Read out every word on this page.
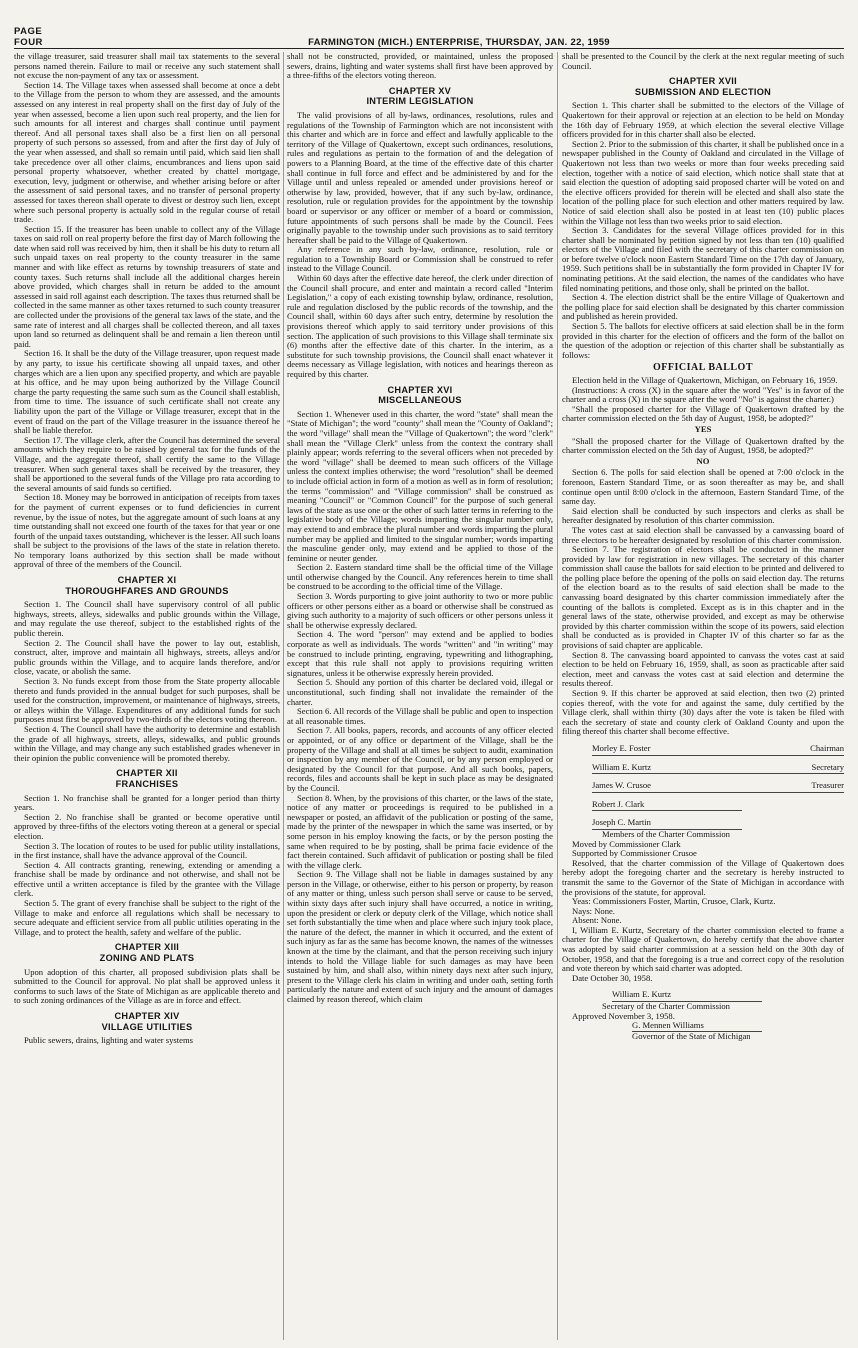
PAGE FOUR	FARMINGTON (MICH.) ENTERPRISE, THURSDAY, JAN. 22, 1959

the village treasurer, said treasurer shall mail tax statements to the several persons named therein. Failure to mail or receive any such statement shall not excuse the non-payment of any tax or assessment.

Section 14. The Village taxes when assessed shall become at once a debt to the Village from the person to whom they are assessed, and the amounts assessed on any interest in real property shall on the first day of July of the year when assessed, become a lien upon such real property, and the lien for such amounts for all interest and charges shall continue until payment thereof. And all personal taxes shall also be a first lien on all personal property of such persons so assessed, from and after the first day of July of the year when assessed, and shall so remain until paid, which said lien shall take precedence over all other claims, encumbrances and liens upon said personal property whatsoever, whether created by chattel mortgage, execution, levy, judgment or otherwise, and whether arising before or after the assessment of said personal taxes, and no transfer of personal property assessed for taxes thereon shall operate to divest or destroy such lien, except where such personal property is actually sold in the regular course of retail trade.

Section 15. If the treasurer has been unable to collect any of the Village taxes on said roll on real property before the first day of March following the date when said roll was received by him, then it shall be his duty to return all such unpaid taxes on real property to the county treasurer in the same manner and with like effect as returns by township treasurers of state and county taxes. Such returns shall include all the additional charges herein above provided, which charges shall in return be added to the amount assessed in said roll against each description. The taxes thus returned shall be collected in the same manner as other taxes returned to such county treasurer are collected under the provisions of the general tax laws of the state, and the same rate of interest and all charges shall be collected thereon, and all taxes upon land so returned as delinquent shall be and remain a lien thereon until paid.

Section 16. It shall be the duty of the Village treasurer, upon request made by any party, to issue his certificate showing all unpaid taxes, and other charges which are a lien upon any specified property, and which are payable at his office, and he may upon being authorized by the Village Council charge the party requesting the same such sum as the Council shall establish, from time to time. The issuance of such certificate shall not create any liability upon the part of the Village or Village treasurer, except that in the event of fraud on the part of the Village treasurer in the issuance thereof he shall be liable therefor.

Section 17. The village clerk, after the Council has determined the several amounts which they require to be raised by general tax for the funds of the Village, and the aggregate thereof, shall certify the same to the Village treasurer. When such general taxes shall be received by the treasurer, they shall be apportioned to the several funds of the Village pro rata according to the several amounts of said funds so certified.

Section 18. Money may be borrowed in anticipation of receipts from taxes for the payment of current expenses or to fund deficiencies in current revenue, by the issue of notes, but the aggregate amount of such loans at any time outstanding shall not exceed one fourth of the taxes for that year or one fourth of the unpaid taxes outstanding, whichever is the lesser. All such loans shall be subject to the provisions of the laws of the state in relation thereto. No temporary loans authorized by this section shall be made without approval of three of the members of the Council.

CHAPTER XI
THOROUGHFARES AND GROUNDS

Section 1. The Council shall have supervisory control of all public highways, streets, alleys, sidewalks and public grounds within the Village, and may regulate the use thereof, subject to the established rights of the public therein.

Section 2. The Council shall have the power to lay out, establish, construct, alter, improve and maintain all highways, streets, alleys and/or public grounds within the Village, and to acquire lands therefore, and/or close, vacate, or abolish the same.

Section 3. No funds except from those from the State property allocable thereto and funds provided in the annual budget for such purposes, shall be used for the construction, improvement, or maintenance of highways, streets, or alleys within the Village. Expenditures of any additional funds for such purposes must first be approved by two-thirds of the electors voting thereon.

Section 4. The Council shall have the authority to determine and establish the grade of all highways, streets, alleys, sidewalks, and public grounds within the Village, and may change any such established grades whenever in their opinion the public convenience will be promoted thereby.

CHAPTER XII
FRANCHISES

Section 1. No franchise shall be granted for a longer period than thirty years.

Section 2. No franchise shall be granted or become operative until approved by three-fifths of the electors voting thereon at a general or special election.

Section 3. The location of routes to be used for public utility installations, in the first instance, shall have the advance approval of the Council.

Section 4. All contracts granting, renewing, extending or amending a franchise shall be made by ordinance and not otherwise, and shall not be effective until a written acceptance is filed by the grantee with the Village clerk.

Section 5. The grant of every franchise shall be subject to the right of the Village to make and enforce all regulations which shall be necessary to secure adequate and efficient service from all public utilities operating in the Village, and to protect the health, safety and welfare of the public.

CHAPTER XIII
ZONING AND PLATS

Upon adoption of this charter, all proposed subdivision plats shall be submitted to the Council for approval. No plat shall be approved unless it conforms to such laws of the State of Michigan as are applicable thereto and to such zoning ordinances of the Village as are in force and effect.

CHAPTER XIV
VILLAGE UTILITIES

Public sewers, drains, lighting and water systems

shall not be constructed, provided, or maintained, unless the proposed sewers, drains, lighting and water systems shall first have been approved by a three-fifths of the electors voting thereon.

CHAPTER XV
INTERIM LEGISLATION

The valid provisions of all by-laws, ordinances, resolutions, rules and regulations of the Township of Farmington which are not inconsistent with this charter and which are in force and effect and lawfully applicable to the territory of the Village of Quakertown, except such ordinances, resolutions, rules and regulations as pertain to the formation of and the delegation of powers to a Planning Board, at the time of the effective date of this charter shall continue in full force and effect and be administered by and for the Village until and unless repealed or amended under provisions hereof or otherwise by law, provided, however, that if any such by-law, ordinance, resolution, rule or regulation provides for the appointment by the township board or supervisor or any officer or member of a board or commission, future appointments of such persons shall be made by the Council. Fees originally payable to the township under such provisions as to said territory hereafter shall be paid to the Village of Quakertown.

Any reference in any such by-law, ordinance, resolution, rule or regulation to a Township Board or Commission shall be construed to refer instead to the Village Council.

Within 60 days after the effective date hereof, the clerk under direction of the Council shall procure, and enter and maintain a record called "Interim Legislation," a copy of each existing township bylaw, ordinance, resolution, rule and regulation disclosed by the public records of the township, and the Council shall, within 60 days after such entry, determine by resolution the provisions thereof which apply to said territory under provisions of this section. The application of such provisions to this Village shall terminate six (6) months after the effective date of this charter. In the interim, as a substitute for such township provisions, the Council shall enact whatever it deems necessary as Village legislation, with notices and hearings thereon as required by this charter.

CHAPTER XVI
MISCELLANEOUS

Section 1. Whenever used in this charter, the word "state" shall mean the "State of Michigan"; the word "county" shall mean the "County of Oakland"; the word "village" shall mean the "Village of Quakertown"; the word "clerk" shall mean the "Village Clerk" unless from the context the contrary shall plainly appear; words referring to the several officers when not preceded by the word "village" shall be deemed to mean such officers of the Village unless the context implies otherwise; the word "resolution" shall be deemed to include official action in form of a motion as well as in form of resolution; the terms "commission" and "Village commission" shall be construed as meaning "Council" or "Common Council" for the purpose of such general laws of the state as use one or the other of such latter terms in referring to the legislative body of the Village; words imparting the singular number only, may extend to and embrace the plural number and words imparting the plural number may be applied and limited to the singular number; words imparting the masculine gender only, may extend and be applied to those of the feminine or neuter gender.

Section 2. Eastern standard time shall be the official time of the Village until otherwise changed by the Council. Any references herein to time shall be construed to be according to the official time of the Village.

Section 3. Words purporting to give joint authority to two or more public officers or other persons either as a board or otherwise shall be construed as giving such authority to a majority of such officers or other persons unless it shall be otherwise expressly declared.

Section 4. The word "person" may extend and be applied to bodies corporate as well as individuals. The words "written" and "in writing" may be construed to include printing, engraving, typewriting and lithographing, except that this rule shall not apply to provisions requiring written signatures, unless it be otherwise expressly herein provided.

Section 5. Should any portion of this charter be declared void, illegal or unconstitutional, such finding shall not invalidate the remainder of the charter.

Section 6. All records of the Village shall be public and open to inspection at all reasonable times.

Section 7. All books, papers, records, and accounts of any officer elected or appointed, or of any office or department of the Village, shall be the property of the Village and shall at all times be subject to audit, examination or inspection by any member of the Council, or by any person employed or designated by the Council for that purpose. And all such books, papers, records, files and accounts shall be kept in such place as may be designated by the Council.

Section 8. When, by the provisions of this charter, or the laws of the state, notice of any matter or proceedings is required to be published in a newspaper or posted, an affidavit of the publication or posting of the same, made by the printer of the newspaper in which the same was inserted, or by some person in his employ knowing the facts, or by the person posting the same when required to be by posting, shall be prima facie evidence of the fact therein contained. Such affidavit of publication or posting shall be filed with the village clerk.

Section 9. The Village shall not be liable in damages sustained by any person in the Village, or otherwise, either to his person or property, by reason of any matter or thing, unless such person shall serve or cause to be served, within sixty days after such injury shall have occurred, a notice in writing, upon the president or clerk or deputy clerk of the Village, which notice shall set forth substantially the time when and place where such injury took place, the nature of the defect, the manner in which it occurred, and the extent of such injury as far as the same has become known, the names of the witnesses known at the time by the claimant, and that the person receiving such injury intends to hold the Village liable for such damages as may have been sustained by him, and shall also, within ninety days next after such injury, present to the Village clerk his claim in writing and under oath, setting forth particularly the nature and extent of such injury and the amount of damages claimed by reason thereof, which claim

shall be presented to the Council by the clerk at the next regular meeting of such Council.

CHAPTER XVII
SUBMISSION AND ELECTION

Section 1. This charter shall be submitted to the electors of the Village of Quakertown for their approval or rejection at an election to be held on Monday the 16th day of February 1959, at which election the several elective Village officers provided for in this charter shall also be elected.

Section 2. Prior to the submission of this charter, it shall be published once in a newspaper published in the County of Oakland and circulated in the Village of Quakertown not less than two weeks or more than four weeks preceding said election, together with a notice of said election, which notice shall state that at said election the question of adopting said proposed charter will be voted on and the elective officers provided for therein will be elected and shall also state the location of the polling place for such election and other matters required by law. Notice of said election shall also be posted in at least ten (10) public places within the Village not less than two weeks prior to said election.

Section 3. Candidates for the several Village offices provided for in this charter shall be nominated by petition signed by not less than ten (10) qualified electors of the Village and filed with the secretary of this charter commission on or before twelve o'clock noon Eastern Standard Time on the 17th day of January, 1959. Such petitions shall be in substantially the form provided in Chapter IV for nominating petitions. At the said election, the names of the candidates who have filed nominating petitions, and those only, shall be printed on the ballot.

Section 4. The election district shall be the entire Village of Quakertown and the polling place for said election shall be designated by this charter commission and published as herein provided.

Section 5. The ballots for elective officers at said election shall be in the form provided in this charter for the election of officers and the form of the ballot on the question of the adoption or rejection of this charter shall be substantially as follows:

OFFICIAL BALLOT

Election held in the Village of Quakertown, Michigan, on February 16, 1959.

(Instructions: A cross (X) in the square after the word "Yes" is in favor of the charter and a cross (X) in the square after the word "No" is against the charter.)

"Shall the proposed charter for the Village of Quakertown drafted by the charter commission elected on the 5th day of August, 1958, be adopted?"

YES

"Shall the proposed charter for the Village of Quakertown drafted by the charter commission elected on the 5th day of August, 1958, be adopted?"

NO

Section 6. The polls for said election shall be opened at 7:00 o'clock in the forenoon, Eastern Standard Time, or as soon thereafter as may be, and shall continue open until 8:00 o'clock in the afternoon, Eastern Standard Time, of the same day.

Said election shall be conducted by such inspectors and clerks as shall be hereafter designated by resolution of this charter commission.

The votes cast at said election shall be canvassed by a canvassing board of three electors to be hereafter designated by resolution of this charter commission.

Section 7. The registration of electors shall be conducted in the manner provided by law for registration in new villages. The secretary of this charter commission shall cause the ballots for said election to be printed and delivered to the polling place before the opening of the polls on said election day. The returns of the election board as to the results of said election shall be made to the canvassing board designated by this charter commission immediately after the counting of the ballots is completed. Except as is in this chapter and in the general laws of the state, otherwise provided, and except as may be otherwise provided by this charter commission within the scope of its powers, said election shall be conducted as is provided in Chapter IV of this charter so far as the provisions of said chapter are applicable.

Section 8. The canvassing board appointed to canvass the votes cast at said election to be held on February 16, 1959, shall, as soon as practicable after said election, meet and canvass the votes cast at said election and determine the results thereof.

Section 9. If this charter be approved at said election, then two (2) printed copies thereof, with the vote for and against the same, duly certified by the Village clerk, shall within thirty (30) days after the vote is taken be filed with each the secretary of state and county clerk of Oakland County and upon the filing thereof this charter shall become effective.

Morley E. Foster	Chairman
William E. Kurtz	Secretary
James W. Crusoe	Treasurer
Robert J. Clark
Joseph C. Martin

Members of the Charter Commission

Moved by Commissioner Clark

Supported by Commissioner Crusoe

Resolved, that the charter commission of the Village of Quakertown does hereby adopt the foregoing charter and the secretary is hereby instructed to transmit the same to the Governor of the State of Michigan in accordance with the provisions of the statute, for approval.

Yeas: Commissioners Foster, Martin, Crusoe, Clark, Kurtz.

Nays: None.

Absent: None.

I, William E. Kurtz, Secretary of the charter commission elected to frame a charter for the Village of Quakertown, do hereby certify that the above charter was adopted by said charter commission at a session held on the 30th day of October, 1958, and that the foregoing is a true and correct copy of the resolution and vote thereon by which said charter was adopted.

Date October 30, 1958.

William E. Kurtz

Secretary of the Charter Commission

Approved November 3, 1958.

G. Mennen Williams
Governor of the State of Michigan
